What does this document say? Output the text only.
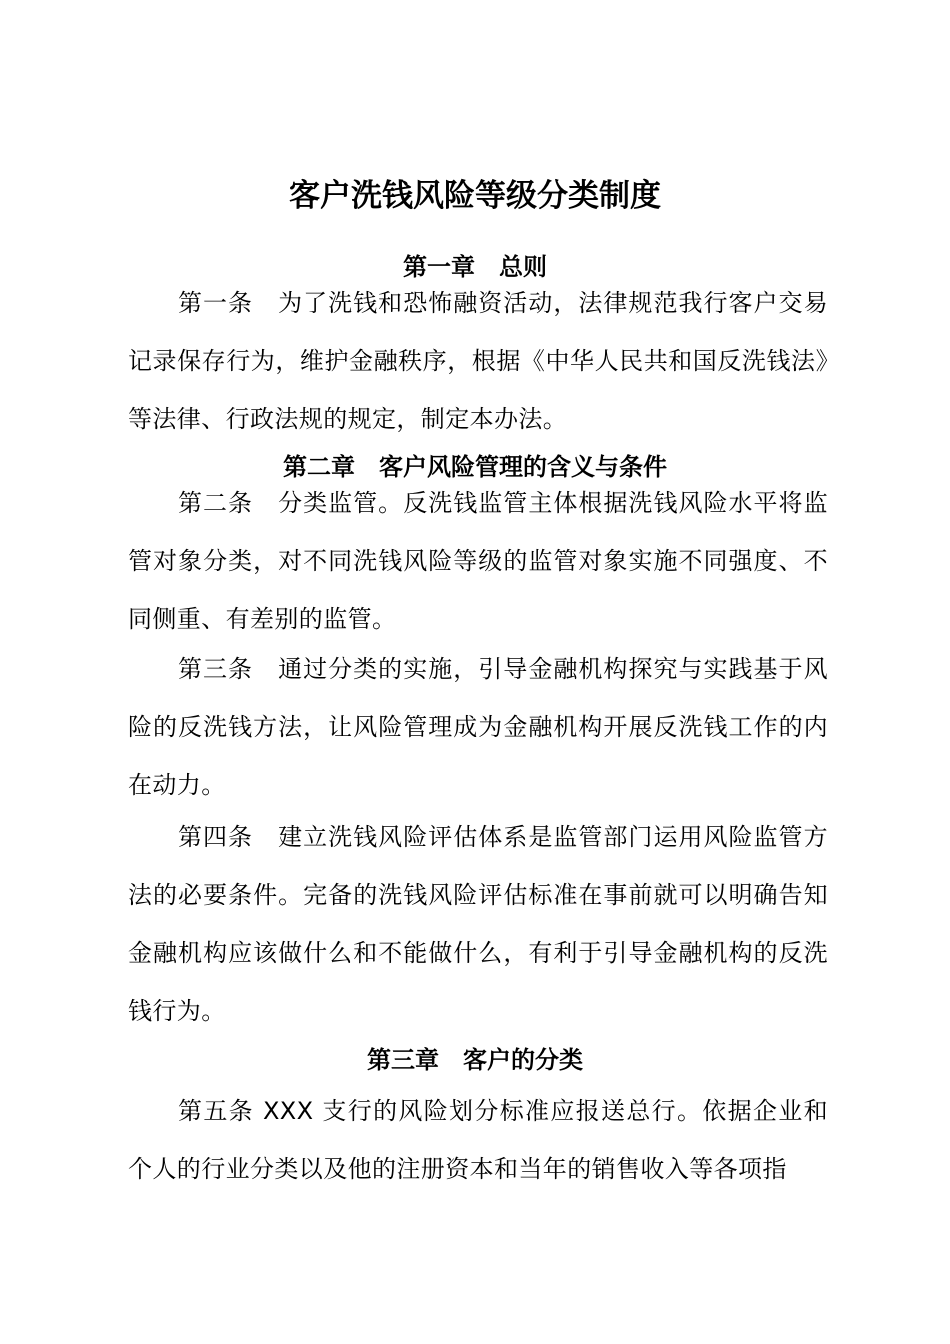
客户洗钱风险等级分类制度
第一章　总则

第一条　为了洗钱和恐怖融资活动，法律规范我行客户交易记录保存行为，维护金融秩序，根据《中华人民共和国反洗钱法》等法律、行政法规的规定，制定本办法。

第二章　客户风险管理的含义与条件

第二条　分类监管。反洗钱监管主体根据洗钱风险水平将监管对象分类，对不同洗钱风险等级的监管对象实施不同强度、不同侧重、有差别的监管。

第三条　通过分类的实施，引导金融机构探究与实践基于风险的反洗钱方法，让风险管理成为金融机构开展反洗钱工作的内在动力。

第四条　建立洗钱风险评估体系是监管部门运用风险监管方法的必要条件。完备的洗钱风险评估标准在事前就可以明确告知金融机构应该做什么和不能做什么，有利于引导金融机构的反洗钱行为。

第三章　客户的分类

第五条 XXX 支行的风险划分标准应报送总行。依据企业和个人的行业分类以及他的注册资本和当年的销售收入等各项指
